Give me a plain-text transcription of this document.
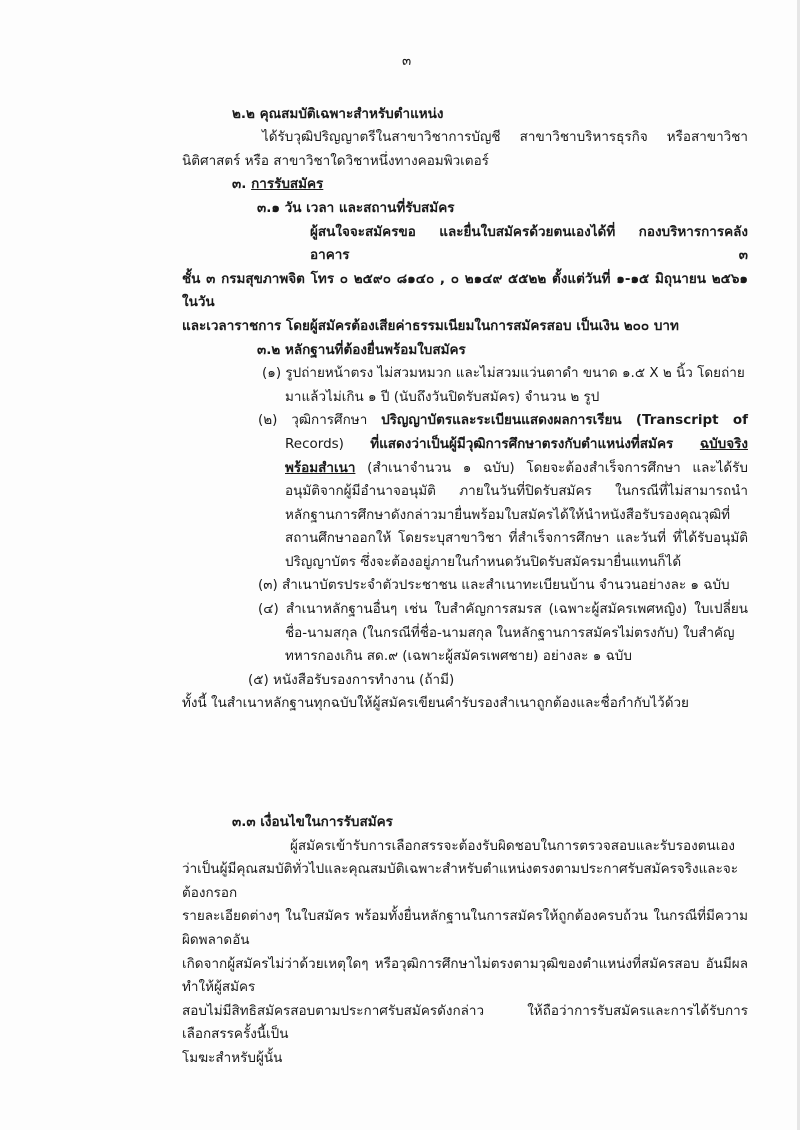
๓
๒.๒ คุณสมบัติเฉพาะสำหรับตำแหน่ง
ได้รับวุฒิปริญญาตรีในสาขาวิชาการบัญชี สาขาวิชาบริหารธุรกิจ หรือสาขาวิชา
นิติศาสตร์ หรือ สาขาวิชาใดวิชาหนึ่งทางคอมพิวเตอร์
๓. การรับสมัคร
๓.๑ วัน เวลา และสถานที่รับสมัคร
ผู้สนใจจะสมัครขอ และยื่นใบสมัครด้วยตนเองได้ที่ กองบริหารการคลัง อาคาร ๓
ชั้น ๓ กรมสุขภาพจิต โทร ๐ ๒๕๙๐ ๘๑๔๐ , ๐ ๒๑๔๙ ๕๕๒๒ ตั้งแต่วันที่ ๑-๑๕ มิถุนายน ๒๕๖๑ ในวัน
และเวลาราชการ โดยผู้สมัครต้องเสียค่าธรรมเนียมในการสมัครสอบ เป็นเงิน ๒๐๐ บาท
๓.๒ หลักฐานที่ต้องยื่นพร้อมใบสมัคร
(๑) รูปถ่ายหน้าตรง ไม่สวมหมวก และไม่สวมแว่นตาดำ ขนาด ๑.๕ X ๒ นิ้ว โดยถ่าย
มาแล้วไม่เกิน ๑ ปี (นับถึงวันปิดรับสมัคร) จำนวน ๒ รูป
(๒) วุฒิการศึกษา ปริญญาบัตรและระเบียนแสดงผลการเรียน (Transcript of
Records) ที่แสดงว่าเป็นผู้มีวุฒิการศึกษาตรงกับตำแหน่งที่สมัคร ฉบับจริง
พร้อมสำเนา (สำเนาจำนวน ๑ ฉบับ) โดยจะต้องสำเร็จการศึกษา และได้รับ
อนุมัติจากผู้มีอำนาจอนุมัติ ภายในวันที่ปิดรับสมัคร ในกรณีที่ไม่สามารถนำ
หลักฐานการศึกษาดังกล่าวมายื่นพร้อมใบสมัครได้ให้นำหนังสือรับรองคุณวุฒิที่
สถานศึกษาออกให้ โดยระบุสาขาวิชา ที่สำเร็จการศึกษา และวันที่ ที่ได้รับอนุมัติ
ปริญญาบัตร ซึ่งจะต้องอยู่ภายในกำหนดวันปิดรับสมัครมายื่นแทนก็ได้
(๓) สำเนาบัตรประจำตัวประชาชน และสำเนาทะเบียนบ้าน จำนวนอย่างละ ๑ ฉบับ
(๔) สำเนาหลักฐานอื่นๆ เช่น ใบสำคัญการสมรส (เฉพาะผู้สมัครเพศหญิง) ใบเปลี่ยน
ชื่อ-นามสกุล (ในกรณีที่ชื่อ-นามสกุล ในหลักฐานการสมัครไม่ตรงกับ) ใบสำคัญ
ทหารกองเกิน สด.๙ (เฉพาะผู้สมัครเพศชาย) อย่างละ ๑ ฉบับ
(๕) หนังสือรับรองการทำงาน (ถ้ามี)
ทั้งนี้ ในสำเนาหลักฐานทุกฉบับให้ผู้สมัครเขียนคำรับรองสำเนาถูกต้องและชื่อกำกับไว้ด้วย
๓.๓ เงื่อนไขในการรับสมัคร
ผู้สมัครเข้ารับการเลือกสรรจะต้องรับผิดชอบในการตรวจสอบและรับรองตนเอง
ว่าเป็นผู้มีคุณสมบัติทั่วไปและคุณสมบัติเฉพาะสำหรับตำแหน่งตรงตามประกาศรับสมัครจริงและจะต้องกรอก
รายละเอียดต่างๆ ในใบสมัคร พร้อมทั้งยื่นหลักฐานในการสมัครให้ถูกต้องครบถ้วน ในกรณีที่มีความผิดพลาดอัน
เกิดจากผู้สมัครไม่ว่าด้วยเหตุใดๆ หรือวุฒิการศึกษาไม่ตรงตามวุฒิของตำแหน่งที่สมัครสอบ อันมีผลทำให้ผู้สมัคร
สอบไม่มีสิทธิสมัครสอบตามประกาศรับสมัครดังกล่าว ให้ถือว่าการรับสมัครและการได้รับการเลือกสรรครั้งนี้เป็น
โมฆะสำหรับผู้นั้น
